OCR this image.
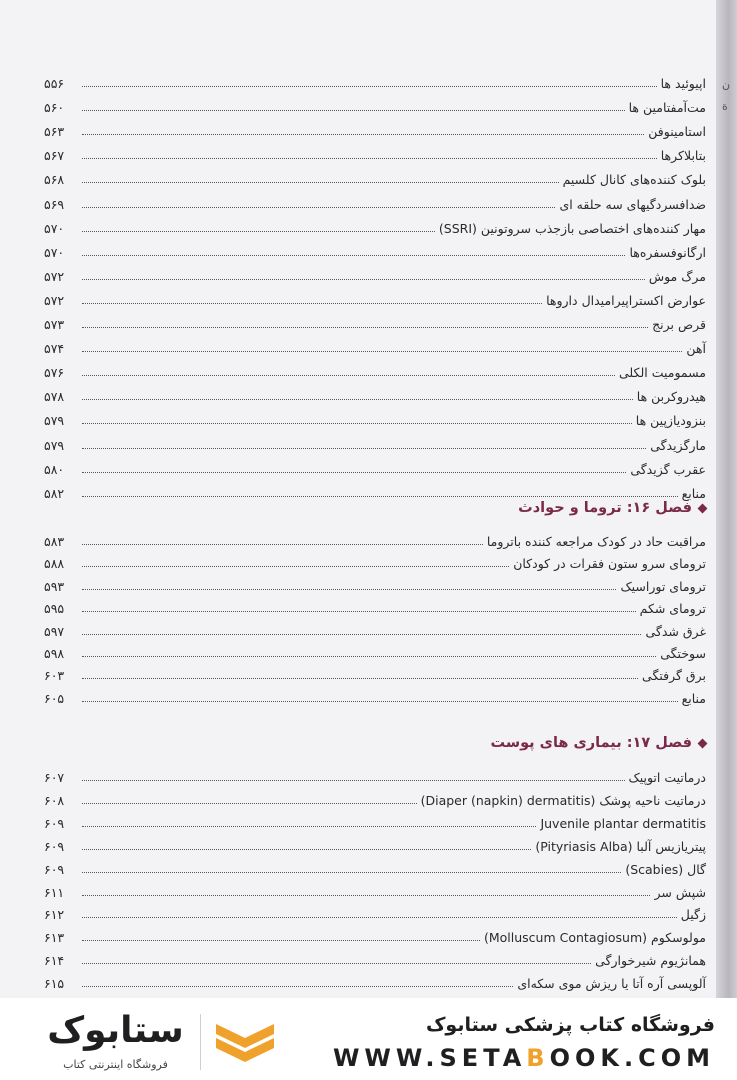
اپیوئید ها
۵۵۶
مت‌آمفتامین ها
۵۶۰
استامینوفن
۵۶۳
بتابلاکرها
۵۶۷
بلوک کننده‌های کانال کلسیم
۵۶۸
ضدافسردگیهای سه حلقه ای
۵۶۹
مهار کننده‌های اختصاصی بازجذب سروتونین (SSRI)
۵۷۰
ارگانوفسفره‌ها
۵۷۰
مرگ موش
۵۷۲
عوارض اکستراپیرامیدال داروها
۵۷۲
قرص برنج
۵۷۳
آهن
۵۷۴
مسمومیت الکلی
۵۷۶
هیدروکربن ها
۵۷۸
بنزودیازپین ها
۵۷۹
مارگزیدگی
۵۷۹
عقرب گزیدگی
۵۸۰
منابع
۵۸۲
فصل ۱۶: تروما و حوادث
مراقبت حاد در کودک مراجعه کننده باتروما
۵۸۳
ترومای سرو ستون فقرات در کودکان
۵۸۸
ترومای توراسیک
۵۹۳
ترومای شکم
۵۹۵
غرق شدگی
۵۹۷
سوختگی
۵۹۸
برق گرفتگی
۶۰۳
منابع
۶۰۵
فصل ۱۷: بیماری های پوست
درماتیت اتوپیک
۶۰۷
درماتیت ناحیه پوشک (Diaper (napkin) dermatitis)
۶۰۸
Juvenile plantar dermatitis
۶۰۹
پیتریازیس آلبا (Pityriasis Alba)
۶۰۹
گال (Scabies)
۶۰۹
شپش سر
۶۱۱
زگیل
۶۱۲
مولوسکوم (Molluscum Contagiosum)
۶۱۳
همانژیوم شیرخوارگی
۶۱۴
آلوپسی آره آتا یا ریزش موی سکه‌ای
۶۱۵
ن
ة
ستابوک
فروشگاه اینترنتی کتاب
فروشگاه کتاب پزشکی ستابوک
WWW.SETABOOK.COM
